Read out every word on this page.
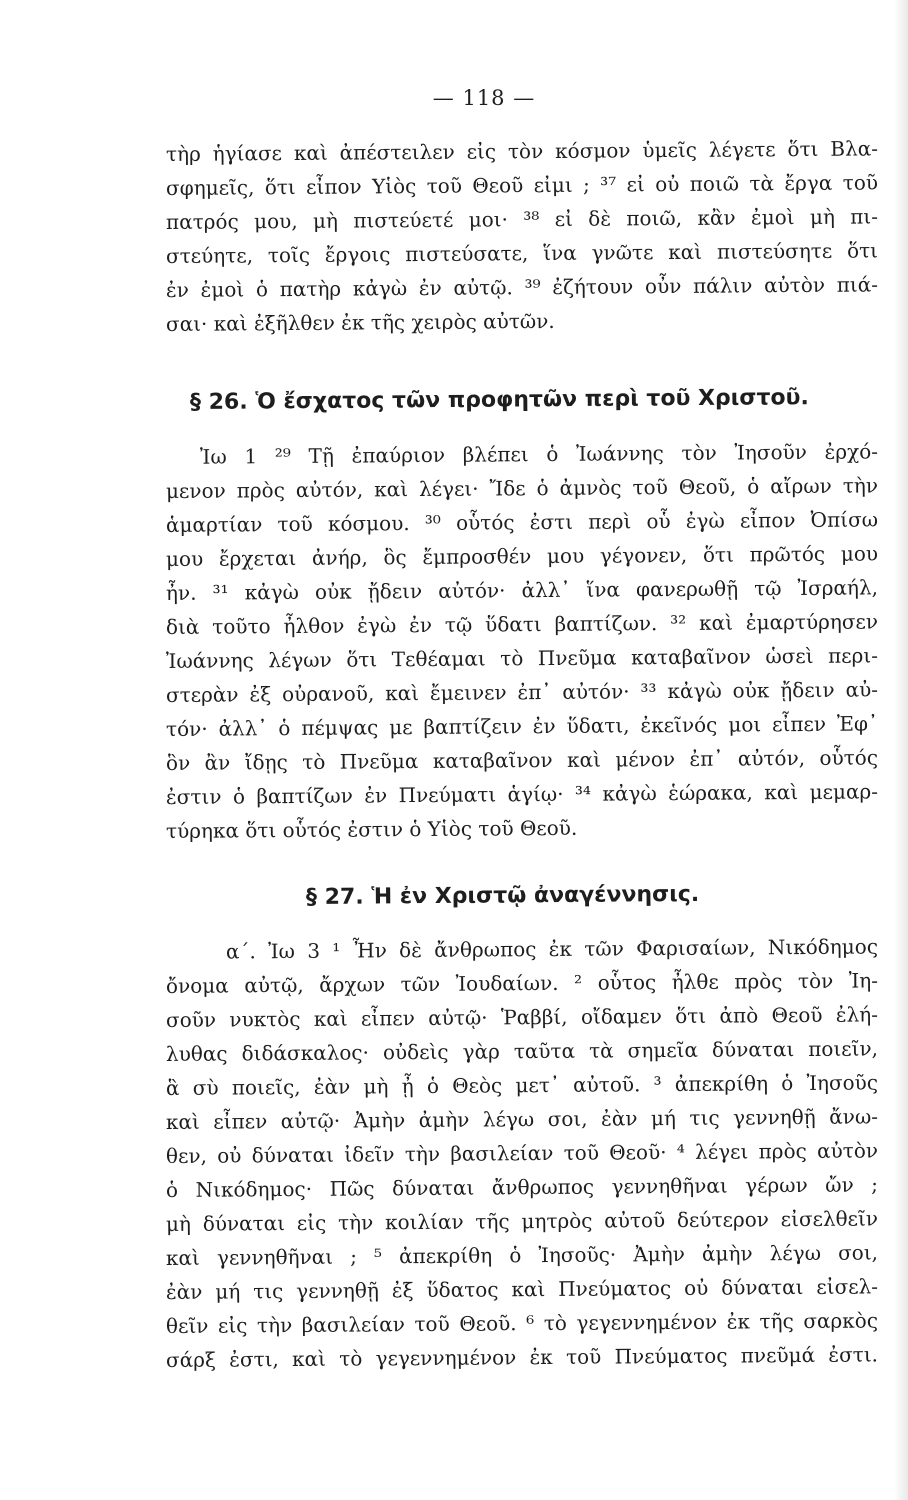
— 118 —
τὴρ ἡγίασε καὶ ἀπέστειλεν εἰς τὸν κόσμον ὑμεῖς λέγετε ὅτι Βλα-
σφημεῖς, ὅτι εἶπον Υἱὸς τοῦ Θεοῦ εἰμι ; ³⁷ εἰ οὐ ποιῶ τὰ ἔργα τοῦ
πατρός μου, μὴ πιστεύετέ μοι· ³⁸ εἰ δὲ ποιῶ, κἂν ἐμοὶ μὴ πι-
στεύητε, τοῖς ἔργοις πιστεύσατε, ἵνα γνῶτε καὶ πιστεύσητε ὅτι
ἐν ἐμοὶ ὁ πατὴρ κἀγὼ ἐν αὐτῷ. ³⁹ ἐζήτουν οὖν πάλιν αὐτὸν πιά-
σαι· καὶ ἐξῆλθεν ἐκ τῆς χειρὸς αὐτῶν.
§ 26. Ὁ ἔσχατος τῶν προφητῶν περὶ τοῦ Χριστοῦ.
Ἰω 1 ²⁹ Τῇ ἐπαύριον βλέπει ὁ Ἰωάννης τὸν Ἰησοῦν ἐρχό-
μενον πρὸς αὐτόν, καὶ λέγει· Ἴδε ὁ ἀμνὸς τοῦ Θεοῦ, ὁ αἴρων τὴν
ἁμαρτίαν τοῦ κόσμου. ³⁰ οὗτός ἐστι περὶ οὗ ἐγὼ εἶπον Ὀπίσω
μου ἔρχεται ἀνήρ, ὃς ἔμπροσθέν μου γέγονεν, ὅτι πρῶτός μου
ἦν. ³¹ κἀγὼ οὐκ ᾔδειν αὐτόν· ἀλλ᾽ ἵνα φανερωθῇ τῷ Ἰσραήλ,
διὰ τοῦτο ἦλθον ἐγὼ ἐν τῷ ὕδατι βαπτίζων. ³² καὶ ἐμαρτύρησεν
Ἰωάννης λέγων ὅτι Τεθέαμαι τὸ Πνεῦμα καταβαῖνον ὡσεὶ περι-
στερὰν ἐξ οὐρανοῦ, καὶ ἔμεινεν ἐπ᾽ αὐτόν· ³³ κἀγὼ οὐκ ᾔδειν αὐ-
τόν· ἀλλ᾽ ὁ πέμψας με βαπτίζειν ἐν ὕδατι, ἐκεῖνός μοι εἶπεν Ἐφ᾽
ὃν ἂν ἴδῃς τὸ Πνεῦμα καταβαῖνον καὶ μένον ἐπ᾽ αὐτόν, οὗτός
ἐστιν ὁ βαπτίζων ἐν Πνεύματι ἁγίῳ· ³⁴ κἀγὼ ἑώρακα, καὶ μεμαρ-
τύρηκα ὅτι οὗτός ἐστιν ὁ Υἱὸς τοῦ Θεοῦ.
§ 27. Ἡ ἐν Χριστῷ ἀναγέννησις.
α΄. Ἰω 3 ¹ Ἦν δὲ ἄνθρωπος ἐκ τῶν Φαρισαίων, Νικόδημος
ὄνομα αὐτῷ, ἄρχων τῶν Ἰουδαίων. ² οὗτος ἦλθε πρὸς τὸν Ἰη-
σοῦν νυκτὸς καὶ εἶπεν αὐτῷ· Ῥαββί, οἴδαμεν ὅτι ἀπὸ Θεοῦ ἐλή-
λυθας διδάσκαλος· οὐδεὶς γὰρ ταῦτα τὰ σημεῖα δύναται ποιεῖν,
ἃ σὺ ποιεῖς, ἐὰν μὴ ᾖ ὁ Θεὸς μετ᾽ αὐτοῦ. ³ ἀπεκρίθη ὁ Ἰησοῦς
καὶ εἶπεν αὐτῷ· Ἀμὴν ἀμὴν λέγω σοι, ἐὰν μή τις γεννηθῇ ἄνω-
θεν, οὐ δύναται ἰδεῖν τὴν βασιλείαν τοῦ Θεοῦ· ⁴ λέγει πρὸς αὐτὸν
ὁ Νικόδημος· Πῶς δύναται ἄνθρωπος γεννηθῆναι γέρων ὤν ;
μὴ δύναται εἰς τὴν κοιλίαν τῆς μητρὸς αὐτοῦ δεύτερον εἰσελθεῖν
καὶ γεννηθῆναι ; ⁵ ἀπεκρίθη ὁ Ἰησοῦς· Ἀμὴν ἀμὴν λέγω σοι,
ἐὰν μή τις γεννηθῇ ἐξ ὕδατος καὶ Πνεύματος οὐ δύναται εἰσελ-
θεῖν εἰς τὴν βασιλείαν τοῦ Θεοῦ. ⁶ τὸ γεγεννημένον ἐκ τῆς σαρκὸς
σάρξ ἐστι, καὶ τὸ γεγεννημένον ἐκ τοῦ Πνεύματος πνεῦμά ἐστι.
